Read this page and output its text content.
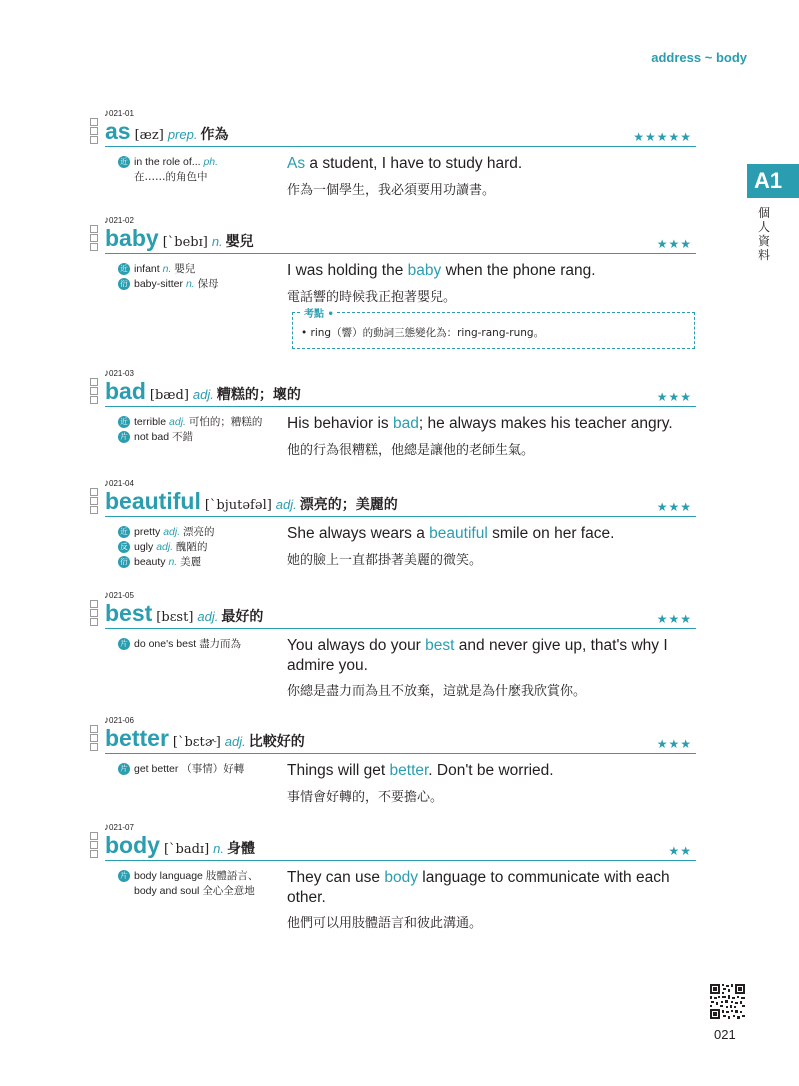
address ~ body
A1
個人資料
♪021-01
as [æz] prep. 作為	★★★★★
近 in the role of... ph.
在……的角色中
As a student, I have to study hard.
作為一個學生，我必須要用功讀書。
♪021-02
baby [ˋbebɪ] n. 嬰兒	★★★
近 infant n. 嬰兒
衍 baby-sitter n. 保母
I was holding the baby when the phone rang.
電話響的時候我正抱著嬰兒。
考點 •
• ring（響）的動詞三態變化為：ring-rang-rung。
♪021-03
bad [bæd] adj. 糟糕的；壞的	★★★
近 terrible adj. 可怕的；糟糕的
片 not bad 不錯
His behavior is bad; he always makes his teacher angry.
他的行為很糟糕，他總是讓他的老師生氣。
♪021-04
beautiful [ˋbjutəfəl] adj. 漂亮的；美麗的	★★★
近 pretty adj. 漂亮的
反 ugly adj. 醜陋的
衍 beauty n. 美麗
She always wears a beautiful smile on her face.
她的臉上一直都掛著美麗的微笑。
♪021-05
best [bɛst] adj. 最好的	★★★
片 do one's best 盡力而為	You always do your best and never give up, that's why I admire you.
你總是盡力而為且不放棄，這就是為什麼我欣賞你。
♪021-06
better [ˋbɛtɚ] adj. 比較好的	★★★
片 get better （事情）好轉	Things will get better. Don't be worried.
事情會好轉的，不要擔心。
♪021-07
body [ˋbadɪ] n. 身體	★★
片 body language 肢體語言、body and soul 全心全意地
They can use body language to communicate with each other.
他們可以用肢體語言和彼此溝通。
021
